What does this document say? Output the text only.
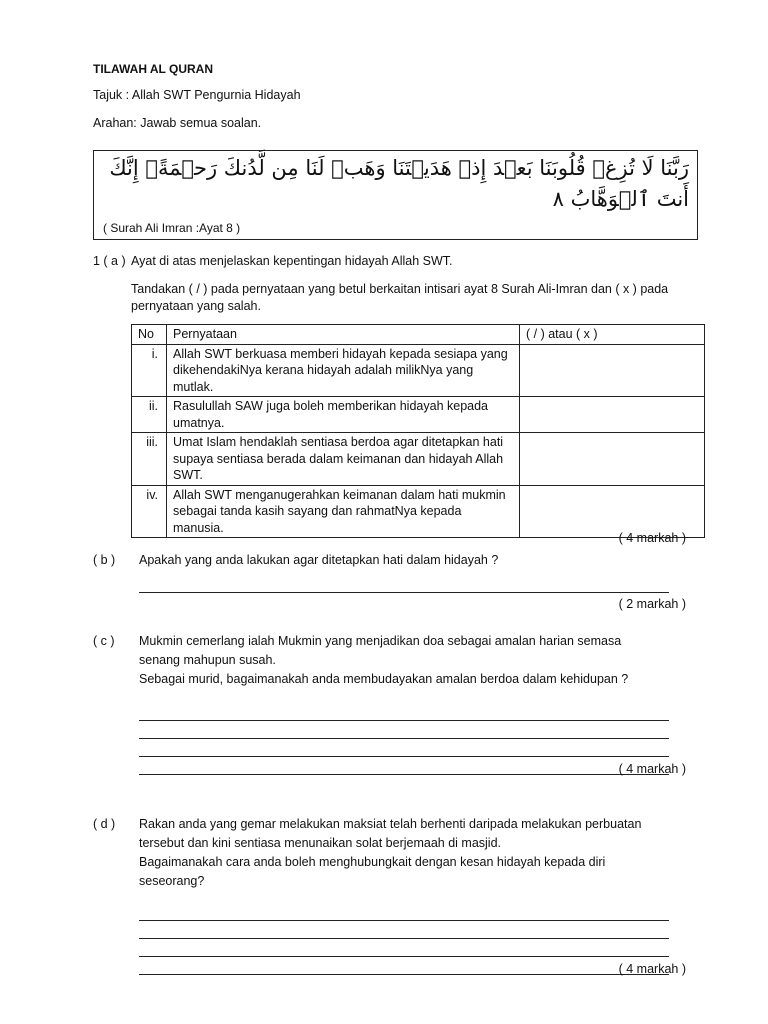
TILAWAH AL QURAN
Tajuk : Allah SWT Pengurnia Hidayah
Arahan: Jawab semua soalan.
رَبَّنَا لَا تُزِغۡ قُلُوبَنَا بَعۡدَ إِذۡ هَدَيۡتَنَا وَهَبۡ لَنَا مِن لَّدُنكَ رَحۡمَةًۚ إِنَّكَ أَنتَ ٱلۡوَهَّابُ ٨
( Surah Ali Imran :Ayat 8 )
1 ( a ) Ayat di atas menjelaskan kepentingan hidayah Allah SWT.
Tandakan ( / ) pada pernyataan yang betul berkaitan intisari ayat 8 Surah Ali-Imran dan ( x ) pada pernyataan yang salah.
No	Pernyataan	( / ) atau ( x )
i.	Allah SWT berkuasa memberi hidayah kepada sesiapa yang dikehendakiNya kerana hidayah adalah milikNya yang mutlak.	
ii.	Rasulullah SAW juga boleh memberikan hidayah kepada umatnya.	
iii.	Umat Islam hendaklah sentiasa berdoa agar ditetapkan hati supaya sentiasa berada dalam keimanan dan hidayah Allah SWT.	
iv.	Allah SWT menganugerahkan keimanan dalam hati mukmin sebagai tanda kasih sayang dan rahmatNya kepada manusia.	
( 4 markah )
( b ) Apakah yang anda lakukan agar ditetapkan hati dalam hidayah ?
( 2 markah )
( c ) Mukmin cemerlang ialah Mukmin yang menjadikan doa sebagai amalan harian semasa
senang mahupun susah.
Sebagai murid, bagaimanakah anda membudayakan amalan berdoa dalam kehidupan ?
( 4 markah )
( d ) Rakan anda yang gemar melakukan maksiat telah berhenti daripada melakukan perbuatan
tersebut dan kini sentiasa menunaikan solat berjemaah di masjid.
Bagaimanakah cara anda boleh menghubungkait dengan kesan hidayah kepada diri
seseorang?
( 4 markah )
